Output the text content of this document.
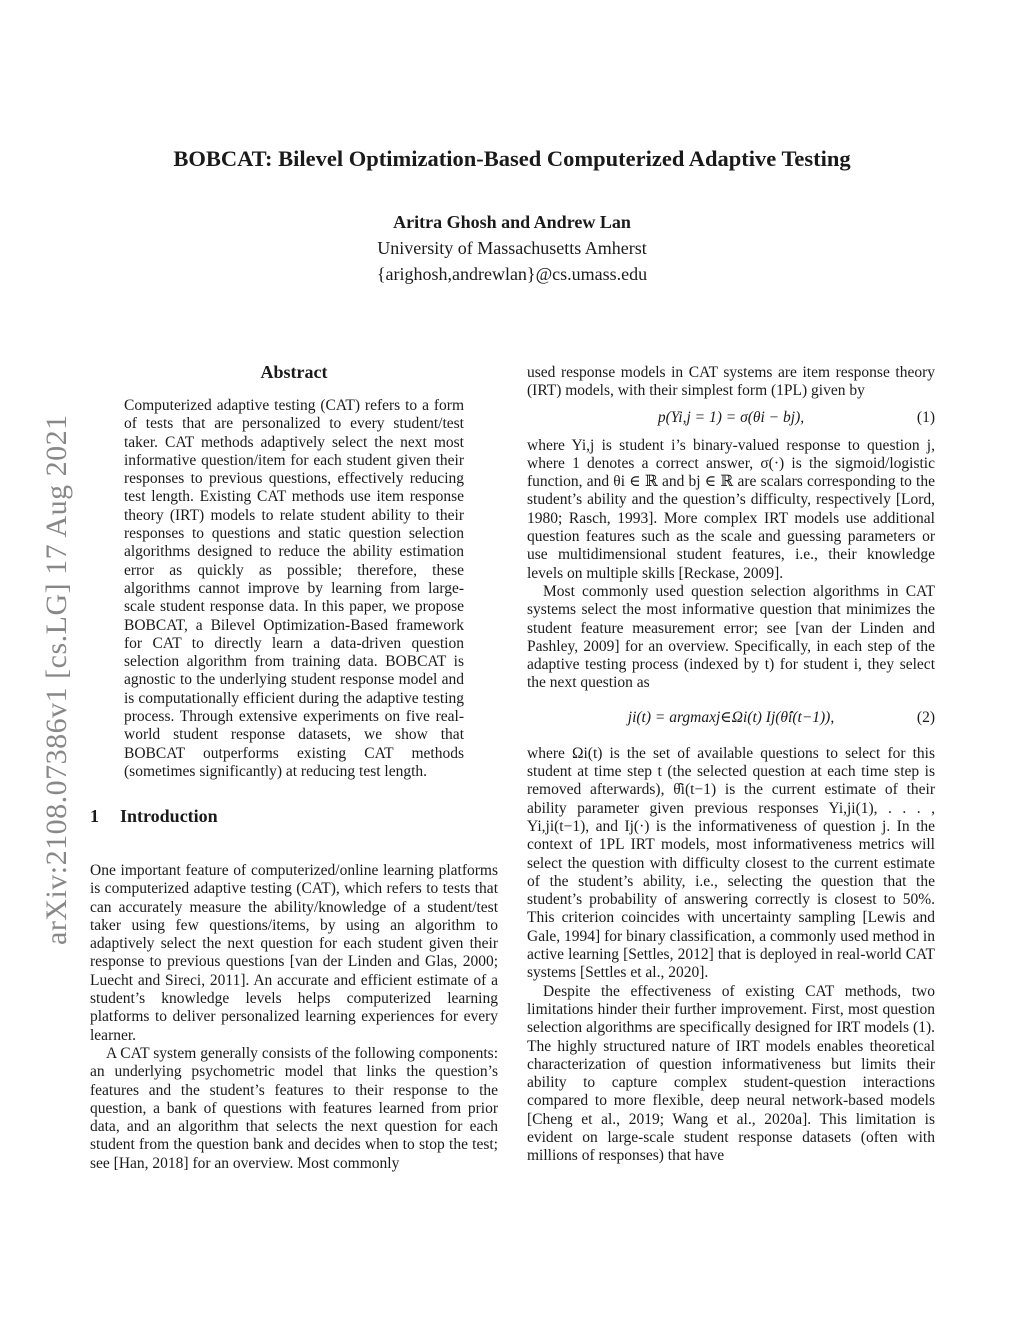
arXiv:2108.07386v1 [cs.LG] 17 Aug 2021
BOBCAT: Bilevel Optimization-Based Computerized Adaptive Testing
Aritra Ghosh and Andrew Lan
University of Massachusetts Amherst
{arighosh,andrewlan}@cs.umass.edu
Abstract
Computerized adaptive testing (CAT) refers to a form of tests that are personalized to every student/test taker. CAT methods adaptively select the next most informative question/item for each student given their responses to previous questions, effectively reducing test length. Existing CAT methods use item response theory (IRT) models to relate student ability to their responses to questions and static question selection algorithms designed to reduce the ability estimation error as quickly as possible; therefore, these algorithms cannot improve by learning from large-scale student response data. In this paper, we propose BOBCAT, a Bilevel Optimization-Based framework for CAT to directly learn a data-driven question selection algorithm from training data. BOBCAT is agnostic to the underlying student response model and is computationally efficient during the adaptive testing process. Through extensive experiments on five real-world student response datasets, we show that BOBCAT outperforms existing CAT methods (sometimes significantly) at reducing test length.
1 Introduction

One important feature of computerized/online learning platforms is computerized adaptive testing (CAT), which refers to tests that can accurately measure the ability/knowledge of a student/test taker using few questions/items, by using an algorithm to adaptively select the next question for each student given their response to previous questions [van der Linden and Glas, 2000; Luecht and Sireci, 2011]. An accurate and efficient estimate of a student’s knowledge levels helps computerized learning platforms to deliver personalized learning experiences for every learner.

A CAT system generally consists of the following components: an underlying psychometric model that links the question’s features and the student’s features to their response to the question, a bank of questions with features learned from prior data, and an algorithm that selects the next question for each student from the question bank and decides when to stop the test; see [Han, 2018] for an overview. Most commonly

used response models in CAT systems are item response theory (IRT) models, with their simplest form (1PL) given by

p(Yi,j = 1) = σ(θi − bj),	(1)

where Yi,j is student i’s binary-valued response to question j, where 1 denotes a correct answer, σ(·) is the sigmoid/logistic function, and θi ∈ ℝ and bj ∈ ℝ are scalars corresponding to the student’s ability and the question’s difficulty, respectively [Lord, 1980; Rasch, 1993]. More complex IRT models use additional question features such as the scale and guessing parameters or use multidimensional student features, i.e., their knowledge levels on multiple skills [Reckase, 2009].

Most commonly used question selection algorithms in CAT systems select the most informative question that minimizes the student feature measurement error; see [van der Linden and Pashley, 2009] for an overview. Specifically, in each step of the adaptive testing process (indexed by t) for student i, they select the next question as

ji(t) = argmaxj∈Ωi(t) Ij(θ̂i(t−1)),	(2)

where Ωi(t) is the set of available questions to select for this student at time step t (the selected question at each time step is removed afterwards), θ̂i(t−1) is the current estimate of their ability parameter given previous responses Yi,ji(1), . . . , Yi,ji(t−1), and Ij(·) is the informativeness of question j. In the context of 1PL IRT models, most informativeness metrics will select the question with difficulty closest to the current estimate of the student’s ability, i.e., selecting the question that the student’s probability of answering correctly is closest to 50%. This criterion coincides with uncertainty sampling [Lewis and Gale, 1994] for binary classification, a commonly used method in active learning [Settles, 2012] that is deployed in real-world CAT systems [Settles et al., 2020].

Despite the effectiveness of existing CAT methods, two limitations hinder their further improvement. First, most question selection algorithms are specifically designed for IRT models (1). The highly structured nature of IRT models enables theoretical characterization of question informativeness but limits their ability to capture complex student-question interactions compared to more flexible, deep neural network-based models [Cheng et al., 2019; Wang et al., 2020a]. This limitation is evident on large-scale student response datasets (often with millions of responses) that have
